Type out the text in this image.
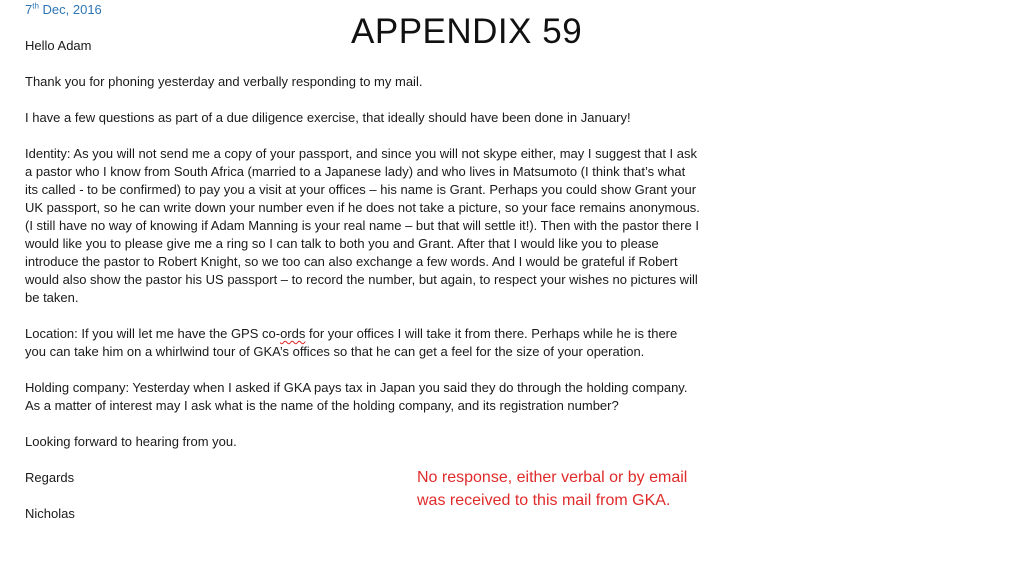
7th Dec, 2016
APPENDIX 59

Hello Adam

Thank you for phoning yesterday and verbally responding to my mail.

I have a few questions as part of a due diligence exercise, that ideally should have been done in January!

Identity: As you will not send me a copy of your passport, and since you will not skype either, may I suggest that I ask a pastor who I know from South Africa (married to a Japanese lady) and who lives in Matsumoto (I think that’s what its called - to be confirmed) to pay you a visit at your offices – his name is Grant. Perhaps you could show Grant your UK passport, so he can write down your number even if he does not take a picture, so your face remains anonymous. (I still have no way of knowing if Adam Manning is your real name – but that will settle it!). Then with the pastor there I would like you to please give me a ring so I can talk to both you and Grant. After that I would like you to please introduce the pastor to Robert Knight, so we too can also exchange a few words. And I would be grateful if Robert would also show the pastor his US passport – to record the number, but again, to respect your wishes no pictures will be taken.

Location: If you will let me have the GPS co-ords for your offices I will take it from there. Perhaps while he is there you can take him on a whirlwind tour of GKA’s offices so that he can get a feel for the size of your operation.

Holding company: Yesterday when I asked if GKA pays tax in Japan you said they do through the holding company. As a matter of interest may I ask what is the name of the holding company, and its registration number?

Looking forward to hearing from you.

Regards

Nicholas

No response, either verbal or by email was received to this mail from GKA.
